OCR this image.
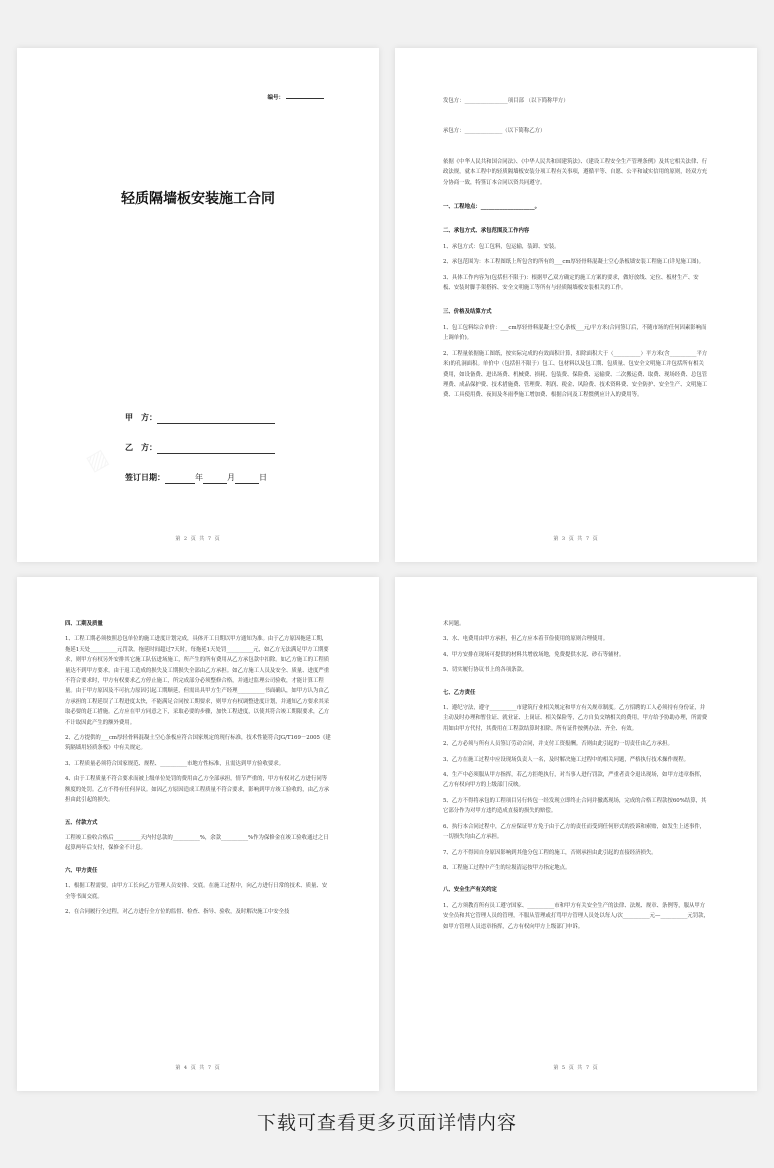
编号：
轻质隔墙板安装施工合同
甲　方：
乙　方：
签订日期：	年	月	日
第 2 页 共 7 页

发包方：________________项目部 （以下简称甲方）

承包方：______________（以下简称乙方）

依据《中华人民共和国合同法》、《中华人民共和国建筑法》、《建设工程安全生产管理条例》及其它相关法律、行政法规，就本工程中的轻质隔墙板安装分项工程有关事项，遵循平等、自愿、公平和诚实信用的原则，经双方充分协商一致，特签订本合同以资共同遵守。

一、工程地点：____________________。
二、承包方式、承包范围及工作内容

1、承包方式：包工包料，包运输，装卸、安装。

2、承包范围为：本工程图纸上所包含的所有的___cm厚轻骨料混凝土空心条板墙安装工程施工(详见施工图)。

3、具体工作内容为(包括但不限于)：根据甲乙双方确定的施工方案的要求，做好放线、定位、板材生产、安板、安装时脚手架搭拆、安全文明施工等所有与轻质隔墙板安装相关的工作。

三、价格及结算方式

1、包工包料综合单价：___cm厚轻骨料混凝土空心条板___元/平方米(合同签订后，不随市场的任何因素影响而上调单价)。

2、工程量依据施工图纸，按实际完成的有效面积计算，扣除面积大于（__________）平方米(含__________平方米)的孔洞面积。单价中（包括但不限于）包工、包材料以及包工期、包质量、包安全文明施工并包括所有相关费用，如设备费、进出场费、机械费、损耗、包装费、保险费、运输费、二次搬运费、取费、现场经费、总包管理费、成品保护费、技术措施费、管理费、利润、税金、风险费、技术资料费、安全防护、安全生产、文明施工费、工具使用费、夜间及冬雨季施工增加费、根据合同及工程惯例应计入的费用等。

第 3 页 共 7 页
四、工期及质量

1、工程工期必须按照总包单位的施工进度计划完成，具体开工日期以甲方通知为准。由于乙方原因拖延工期，拖延1天处__________元罚款，拖延时间超过7天时，每拖延1天处罚__________元，如乙方无法满足甲方工期要求，则甲方有权另外安排其它施工队伍进场施工，所产生的所有费用从乙方承包款中扣除。如乙方施工的工程质量达不到甲方要求，由于返工造成的损失及工期损失全部由乙方承担。如乙方施工人员及安全、质量、进度严重不符合要求时，甲方有权要求乙方停止施工，所完成部分必须整修合格，并通过监理公司验收，才能计算工程量。由于甲方原因及不可抗力原因引起工期顺延，但需出具甲方生产经理__________书面确认，如甲方认为由乙方承担的工程延误了工程进度太快，不能满足合同按工期要求，则甲方有权调整进度计划，并通知乙方要求其采取必要的赶工措施。乙方应在甲方同意之下，采取必要的步骤，加快工程进度，以使其符合竣工期限要求，乙方不计取因此产生的额外费用。

2、乙方提供的___cm厚轻骨料混凝土空心条板应符合国家规定的现行标准，技术性能符合JG/T169－2005《建筑隔墙用轻质条板》中有关规定。

3、工程质量必须符合国家规范、规程、__________市地方性标准，且需达到甲方验收要求。

4、由于工程质量不符合要求而被上级单位处罚的费用由乙方全部承担，情节严重的，甲方有权对乙方进行同等额度的处罚。乙方不得有任何异议。如因乙方原因造成工程质量不符合要求，影响到甲方竣工验收的，由乙方承担由此引起的损失。

五、付款方式

工程竣工验收合格后__________天内付总款的__________%，余款__________%作为保修金在竣工验收通过之日起算两年后支付，保修金不计息。

六、甲方责任

1、根据工程需要，由甲方工长向乙方管理人员安排、交底。在施工过程中，向乙方进行日常的技术、质量、安全等书面交底。

2、在合同履行全过程，对乙方进行全方位的监督、检查、指导、验收，及时解决施工中安全技

第 4 页 共 7 页

术问题。

3、水、电费用由甲方承担，但乙方应本着节俭使用的原则合理使用。

4、甲方安排在现场可提供的材料共增放场地，免费提供水泥、砂石等辅材。

5、切实履行协议书上的各项条款。

七、乙方责任

1、遵纪守法，遵守__________市建筑行业相关规定和甲方有关规章制度。乙方招聘的工人必须持有身份证，并主动及时办理和暂住证、就业证、上岗证、相关保险等，乙方自负交纳相关的费用，甲方给予协助办理，所需费用如由甲方代付，其费用在工程款结算时扣除。所有证件按例办法、齐全、有效。

2、乙方必须与所有人员签订劳动合同，并支付工资报酬。否则由此引起的一切责任由乙方承担。

3、乙方在施工过程中应设现场负责人一名，及时解决施工过程中的相关问题，严格执行技术操作规程。

4、生产中必须服从甲方指挥，若乙方拒绝执行，对当事人进行罚款，严重者责令退出现场，如甲方违章指挥，乙方有权向甲方的上级部门反映。

5、乙方不得将承包的工程项目另行转包一经发现立即终止合同并撤离现场，完成的合格工程款按60%结算，其它部分作为对甲方违约造成直接的损失的赔偿。

6、执行本合同过程中，乙方应保证甲方免于由于乙方的责任而受到任何形式的投诉和索赔，如发生上述事件，一切损失均由乙方承担。

7、乙方不得因自身原因影响到其他分包工程的施工，否则承担由此引起的直接经济损失。

8、工程施工过程中产生的垃圾清运按甲方指定地点。

八、安全生产有关约定

1、乙方须教育所有员工遵守国家、__________市和甲方有关安全生产的法律、法规、规章、条例等，服从甲方安全员和其它管理人员的管理，不服从管理或打骂甲方管理人员处以每人/次__________元—__________元罚款，如甲方管理人员违章指挥，乙方有权向甲方上级部门申诉。

第 5 页 共 7 页
下载可查看更多页面详情内容
